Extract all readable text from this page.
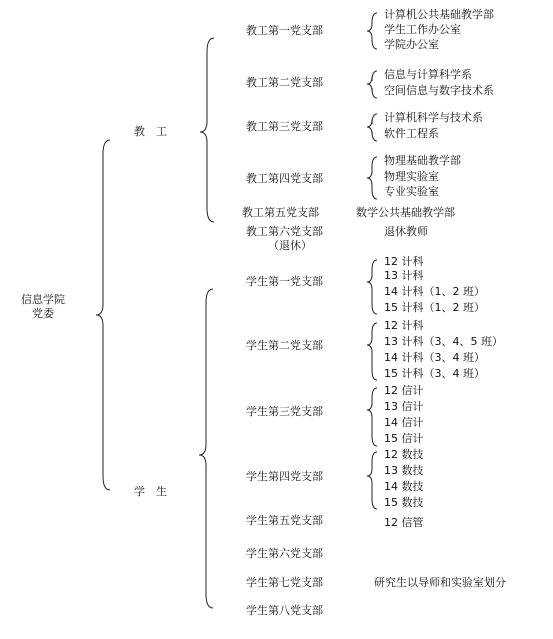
信息学院
党委
教　工
学　生
教工第一党支部
教工第二党支部
教工第三党支部
教工第四党支部
教工第五党支部
教工第六党支部
（退休）
计算机公共基础教学部
学生工作办公室
学院办公室
信息与计算科学系
空间信息与数字技术系
计算机科学与技术系
软件工程系
物理基础教学部
物理实验室
专业实验室
数学公共基础教学部
退休教师
学生第一党支部
学生第二党支部
学生第三党支部
学生第四党支部
学生第五党支部
学生第六党支部
学生第七党支部
学生第八党支部
12 计科
13 计科
14 计科（1、2 班）
15 计科（1、2 班）
12 计科
13 计科（3、4、5 班）
14 计科（3、4 班）
15 计科（3、4 班）
12 信计
13 信计
14 信计
15 信计
12 数技
13 数技
14 数技
15 数技
12 信管
研究生以导师和实验室划分
